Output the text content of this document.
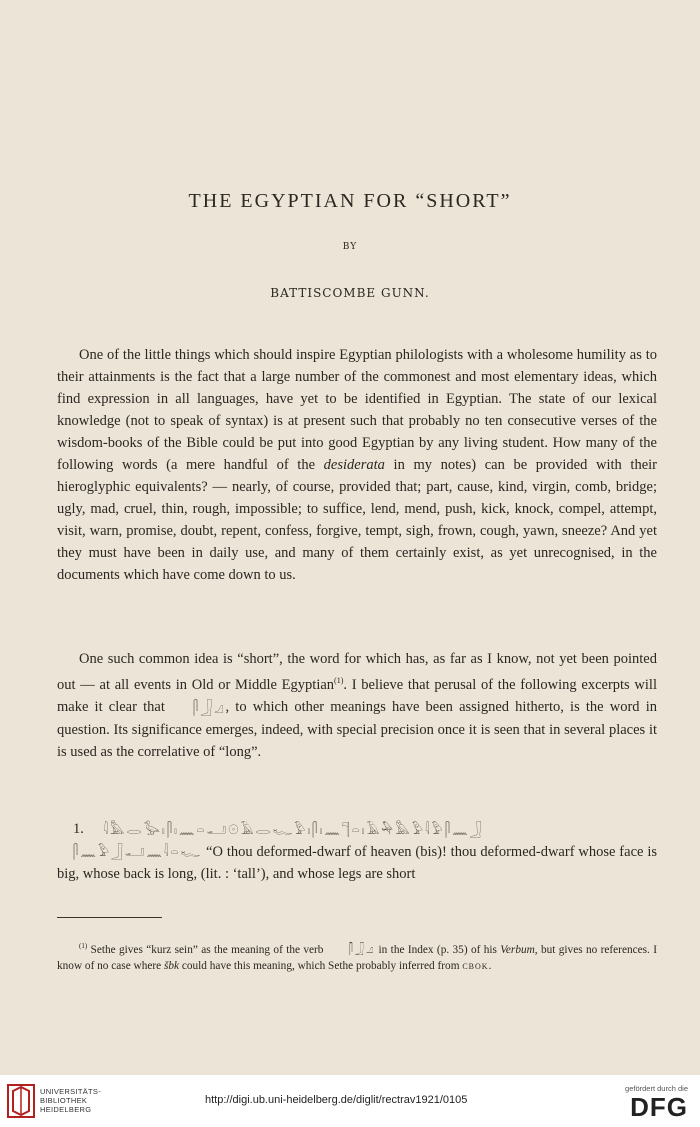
THE EGYPTIAN FOR “SHORT”
BY
BATTISCOMBE GUNN.

One of the little things which should inspire Egyptian philologists with a wholesome humility as to their attainments is the fact that a large number of the commonest and most elementary ideas, which find expression in all languages, have yet to be identified in Egyptian. The state of our lexical knowledge (not to speak of syntax) is at present such that probably no ten consecutive verses of the wisdom-books of the Bible could be put into good Egyptian by any living student. How many of the following words (a mere handful of the desiderata in my notes) can be provided with their hieroglyphic equivalents? — nearly, of course, provided that; part, cause, kind, virgin, comb, bridge; ugly, mad, cruel, thin, rough, impossible; to suffice, lend, mend, push, kick, knock, compel, attempt, visit, warn, promise, doubt, repent, confess, forgive, tempt, sigh, frown, cough, yawn, sneeze? And yet they must have been in daily use, and many of them certainly exist, as yet unrecognised, in the documents which have come down to us.

One such common idea is “short”, the word for which has, as far as I know, not yet been pointed out — at all events in Old or Middle Egyptian$^{(1)}$. I believe that perusal of the following excerpts will make it clear that 𓋴𓃀𓈎, to which other meanings have been assigned hitherto, is the word in question. Its significance emerges, indeed, with special precision once it is seen that in several places it is used as the correlative of “long”.

1. 𓇋𓅓𓂋𓅭𓏤𓋴𓏤𓈖𓏏𓂝𓇳𓄿𓂋𓆑𓅱𓏤𓋴𓏤𓈖𓊹𓏏𓏤𓄿𓅆𓅓𓅱𓇋𓅱𓋴𓈖𓃀
𓋴𓈖𓅱𓃀𓂝𓈖𓇋𓏏𓆑 “O thou deformed-dwarf of heaven (bis)! thou deformed-dwarf whose face is big, whose back is long, (lit. : ‘tall’), and whose legs are short

$^{(1)}$ Sethe gives “kurz sein” as the meaning of the verb 𓋴𓃀𓈎 in the Index (p. 35) of his Verbum, but gives no references. I know of no case where šbk could have this meaning, which Sethe probably inferred from cbok.

UNIVERSITÄTS-
BIBLIOTHEK
HEIDELBERG
http://digi.ub.uni-heidelberg.de/diglit/rectrav1921/0105
gefördert durch die
DFG
